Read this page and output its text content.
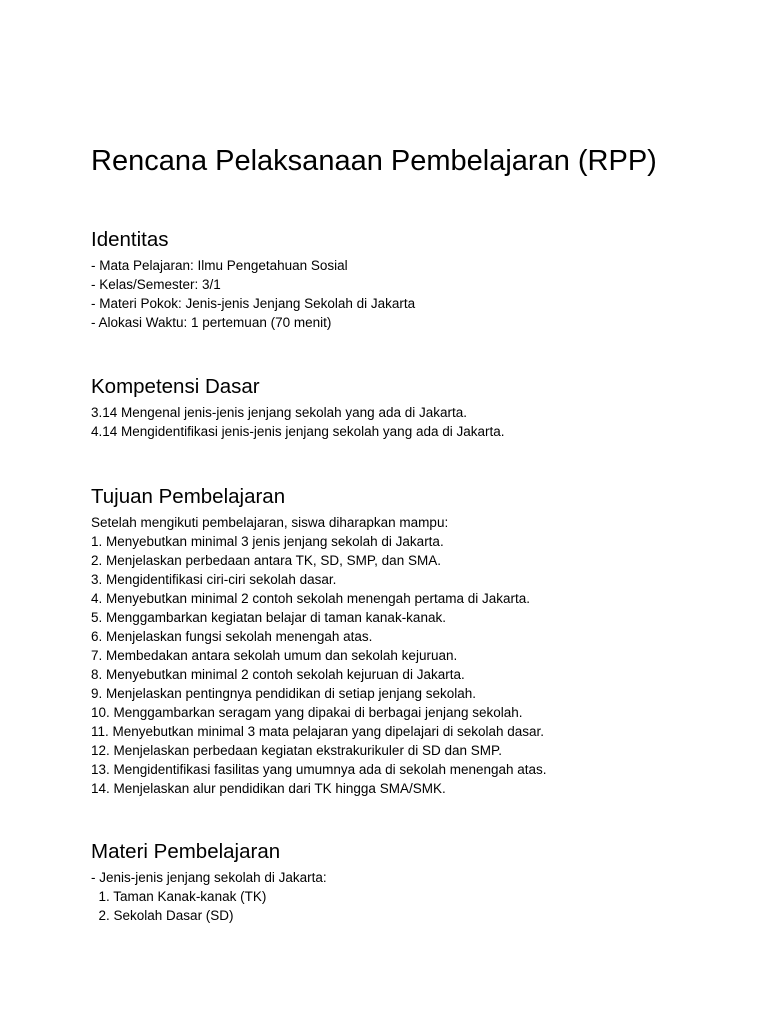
Rencana Pelaksanaan Pembelajaran (RPP)
Identitas
- Mata Pelajaran: Ilmu Pengetahuan Sosial
- Kelas/Semester: 3/1
- Materi Pokok: Jenis-jenis Jenjang Sekolah di Jakarta
- Alokasi Waktu: 1 pertemuan (70 menit)
Kompetensi Dasar
3.14 Mengenal jenis-jenis jenjang sekolah yang ada di Jakarta.
4.14 Mengidentifikasi jenis-jenis jenjang sekolah yang ada di Jakarta.
Tujuan Pembelajaran
Setelah mengikuti pembelajaran, siswa diharapkan mampu:
1. Menyebutkan minimal 3 jenis jenjang sekolah di Jakarta.
2. Menjelaskan perbedaan antara TK, SD, SMP, dan SMA.
3. Mengidentifikasi ciri-ciri sekolah dasar.
4. Menyebutkan minimal 2 contoh sekolah menengah pertama di Jakarta.
5. Menggambarkan kegiatan belajar di taman kanak-kanak.
6. Menjelaskan fungsi sekolah menengah atas.
7. Membedakan antara sekolah umum dan sekolah kejuruan.
8. Menyebutkan minimal 2 contoh sekolah kejuruan di Jakarta.
9. Menjelaskan pentingnya pendidikan di setiap jenjang sekolah.
10. Menggambarkan seragam yang dipakai di berbagai jenjang sekolah.
11. Menyebutkan minimal 3 mata pelajaran yang dipelajari di sekolah dasar.
12. Menjelaskan perbedaan kegiatan ekstrakurikuler di SD dan SMP.
13. Mengidentifikasi fasilitas yang umumnya ada di sekolah menengah atas.
14. Menjelaskan alur pendidikan dari TK hingga SMA/SMK.
Materi Pembelajaran
- Jenis-jenis jenjang sekolah di Jakarta:
1. Taman Kanak-kanak (TK)
2. Sekolah Dasar (SD)
